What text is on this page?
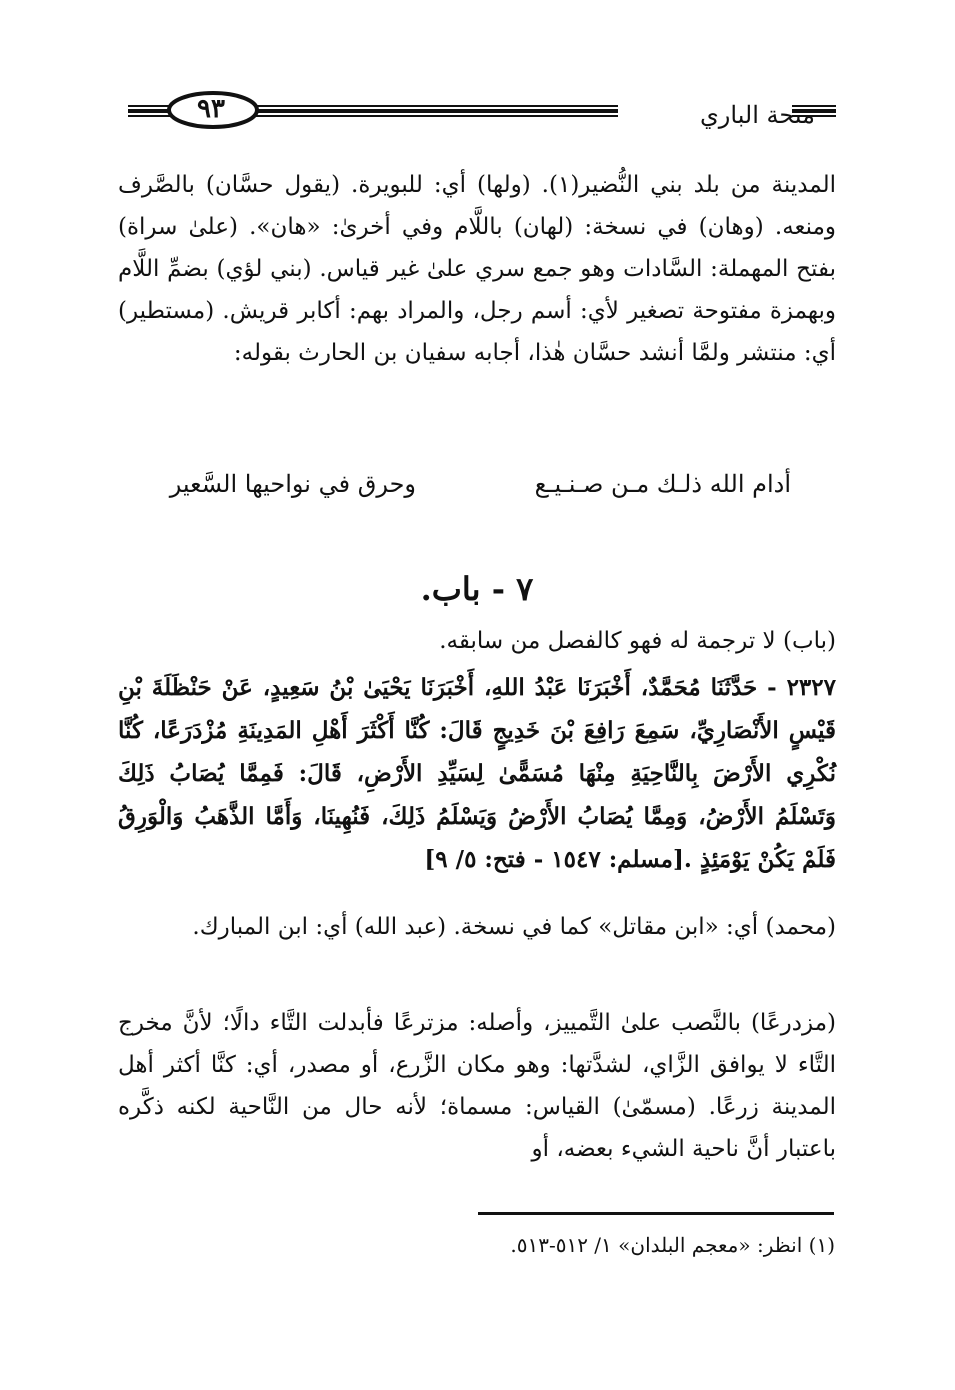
٩٣	منحة الباري

المدينة من بلد بني النُّضير(١). (ولها) أي: للبويرة. (يقول حسَّان) بالصَّرف ومنعه. (وهان) في نسخة: (لهان) باللَّام وفي أخرىٰ: «هان». (علىٰ سراة) بفتح المهملة: السَّادات وهو جمع سري علىٰ غير قياس. (بني لؤي) بضمِّ اللَّام وبهمزة مفتوحة تصغير لأي: أسم رجل، والمراد بهم: أكابر قريش. (مستطير) أي: منتشر ولمَّا أنشد حسَّان هٰذا، أجابه سفيان بن الحارث بقوله:

أدام الله ذلـك مـن صـنـيـع
وحرق في نواحيها السَّعير
٧ - باب.

(باب) لا ترجمة له فهو كالفصل من سابقه.

٢٣٢٧ - حَدَّثَنَا مُحَمَّدٌ، أَخْبَرَنَا عَبْدُ اللهِ، أَخْبَرَنَا يَحْيَىٰ بْنُ سَعِيدٍ، عَنْ حَنْظَلَةَ بْنِ قَيْسٍ الأَنْصَارِيِّ، سَمِعَ رَافِعَ بْنَ خَدِيجٍ قَالَ: كُنَّا أَكْثَرَ أَهْلِ المَدِينَةِ مُزْدَرَعًا، كُنَّا نُكْرِي الأَرْضَ بِالنَّاحِيَةِ مِنْهَا مُسَمًّىٰ لِسَيِّدِ الأَرْضِ، قَالَ: فَمِمَّا يُصَابُ ذَلِكَ وَتَسْلَمُ الأَرْضُ، وَمِمَّا يُصَابُ الأَرْضُ وَيَسْلَمُ ذَلِكَ، فَنُهِينَا، وَأَمَّا الذَّهَبُ وَالْوَرِقُ فَلَمْ يَكُنْ يَوْمَئِذٍ .[مسلم: ١٥٤٧ - فتح: ٥/ ٩]

(محمد) أي: «ابن مقاتل» كما في نسخة. (عبد الله) أي: ابن المبارك.

(مزدرعًا) بالنَّصب علىٰ التَّمييز، وأصله: مزترعًا فأبدلت التَّاء دالًا؛ لأنَّ مخرج التَّاء لا يوافق الزَّاي، لشدَّتها: وهو مكان الزَّرع، أو مصدر، أي: كنَّا أكثر أهل المدينة زرعًا. (مسمّىٰ) القياس: مسماة؛ لأنه حال من النَّاحية لكنه ذكَّره باعتبار أنَّ ناحية الشيء بعضه، أو

(١) انظر: «معجم البلدان» ١/ ٥١٢-٥١٣.
